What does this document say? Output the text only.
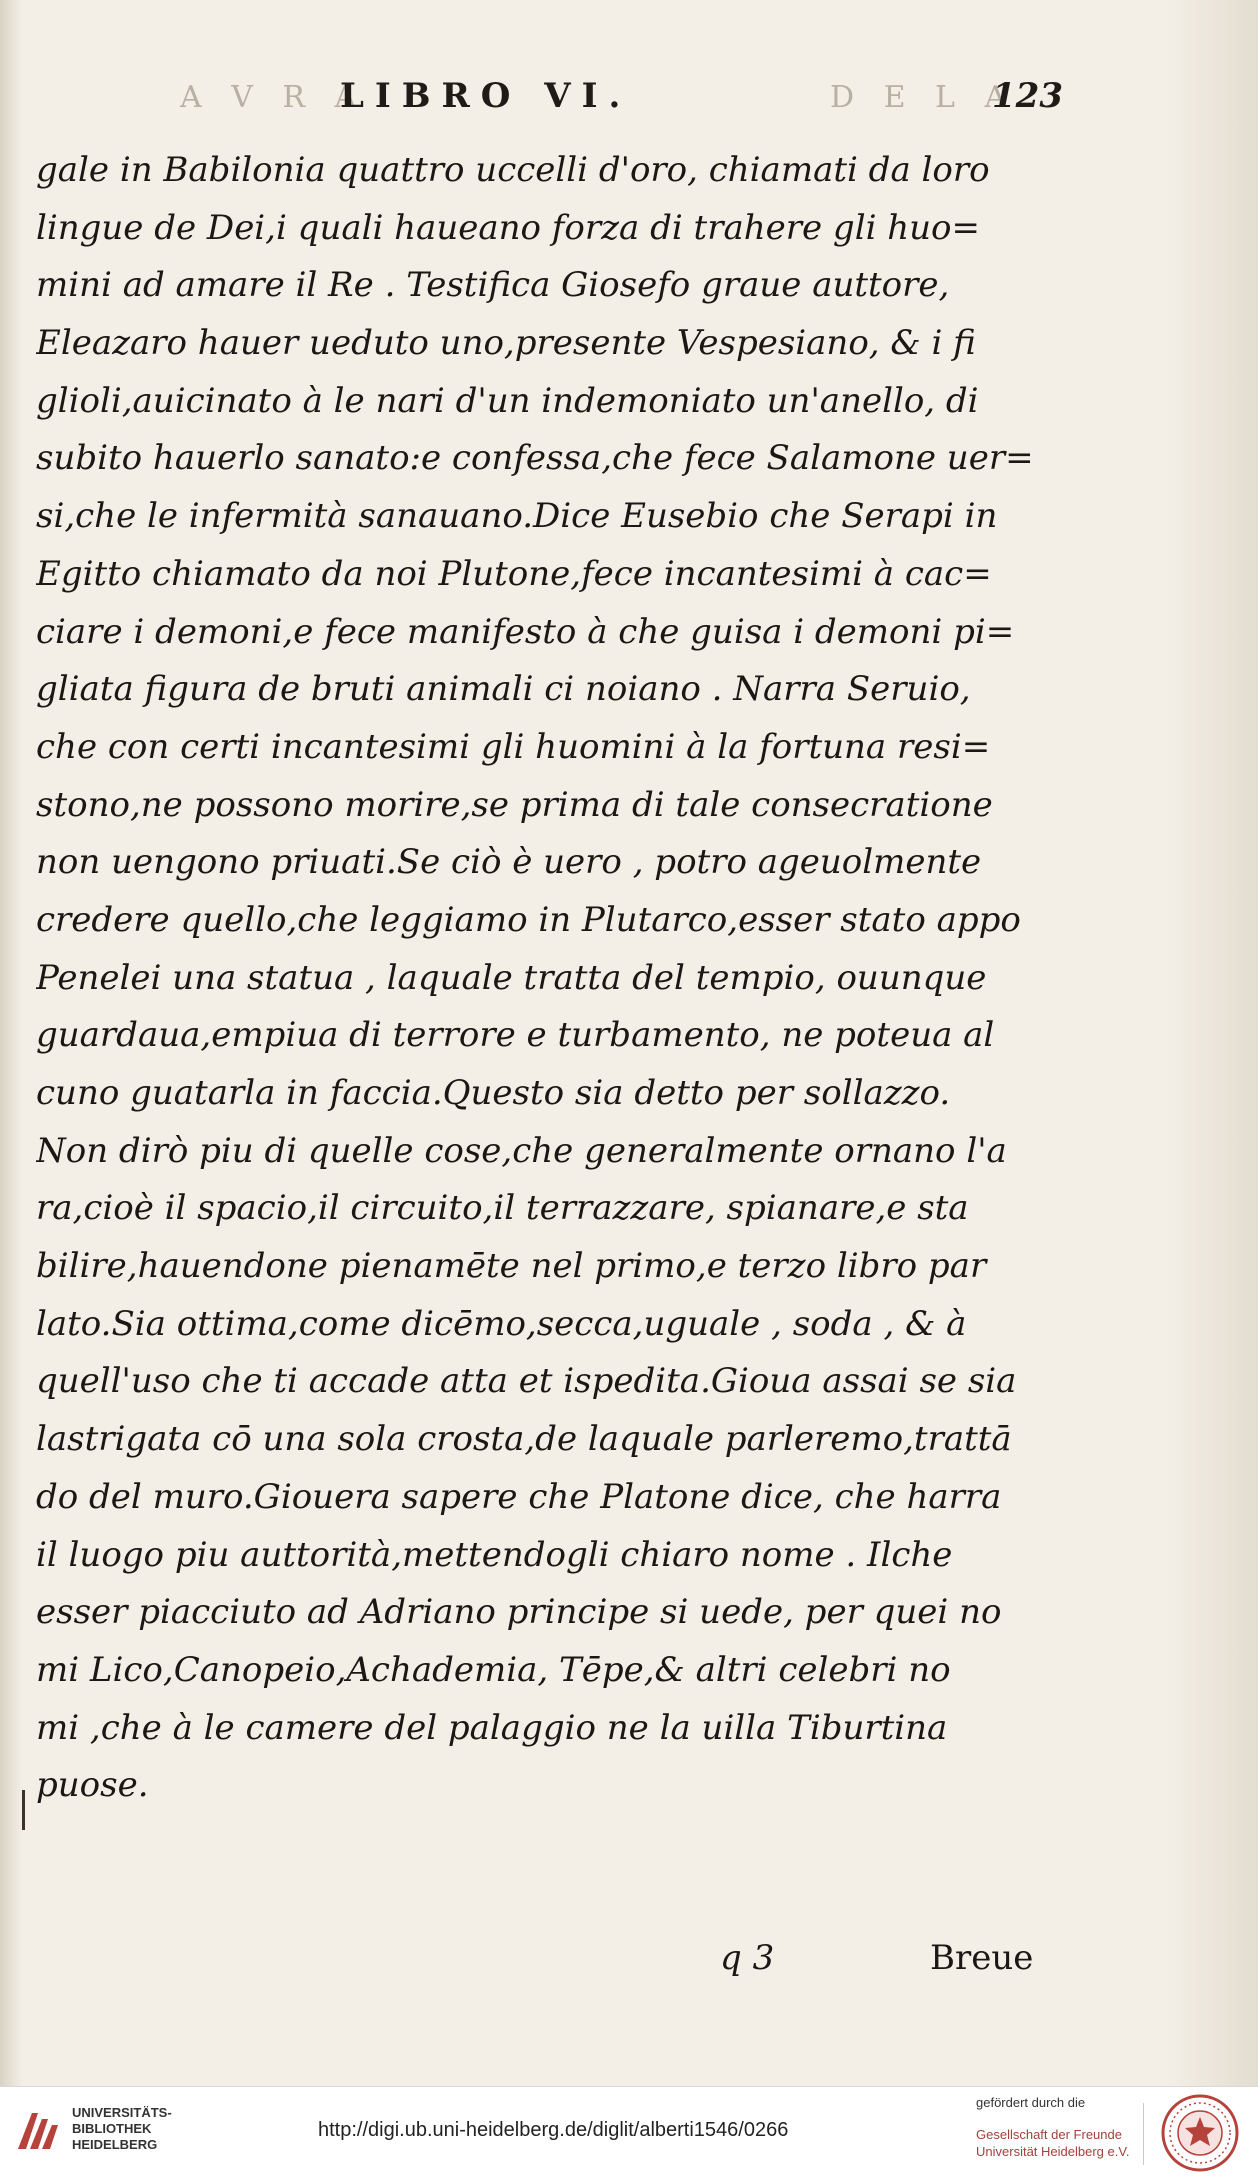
A V R A	D E L A
LIBRO VI.	123
gale in Babilonia quattro uccelli d'oro, chiamati da loro
lingue de Dei,i quali haueano forza di trahere gli huo=
mini ad amare il Re . Testifica Giosefo graue auttore,
Eleazaro hauer ueduto uno,presente Vespesiano, & i fi
glioli,auicinato à le nari d'un indemoniato un'anello, di
subito hauerlo sanato:e confessa,che fece Salamone uer=
si,che le infermità sanauano.Dice Eusebio che Serapi in
Egitto chiamato da noi Plutone,fece incantesimi à cac=
ciare i demoni,e fece manifesto à che guisa i demoni pi=
gliata figura de bruti animali ci noiano . Narra Seruio,
che con certi incantesimi gli huomini à la fortuna resi=
stono,ne possono morire,se prima di tale consecratione
non uengono priuati.Se ciò è uero , potro ageuolmente
credere quello,che leggiamo in Plutarco,esser stato appo
Penelei una statua , laquale tratta del tempio, ouunque
guardaua,empiua di terrore e turbamento, ne poteua al
cuno guatarla in faccia.Questo sia detto per sollazzo.
Non dirò piu di quelle cose,che generalmente ornano l'a
ra,cioè il spacio,il circuito,il terrazzare, spianare,e sta
bilire,hauendone pienamēte nel primo,e terzo libro par
lato.Sia ottima,come dicēmo,secca,uguale , soda , & à
quell'uso che ti accade atta et ispedita.Gioua assai se sia
lastrigata cō una sola crosta,de laquale parleremo,trattā
do del muro.Giouera sapere che Platone dice, che harra
il luogo piu auttorità,mettendogli chiaro nome . Ilche
esser piacciuto ad Adriano principe si uede, per quei no
mi Lico,Canopeio,Achademia, Tēpe,& altri celebri no
mi ,che à le camere del palaggio ne la uilla Tiburtina
puose.
q 3	Breue
UNIVERSITÄTS-
BIBLIOTHEK
HEIDELBERG
http://digi.ub.uni-heidelberg.de/diglit/alberti1546/0266
gefördert durch die
Gesellschaft der Freunde
Universität Heidelberg e.V.
